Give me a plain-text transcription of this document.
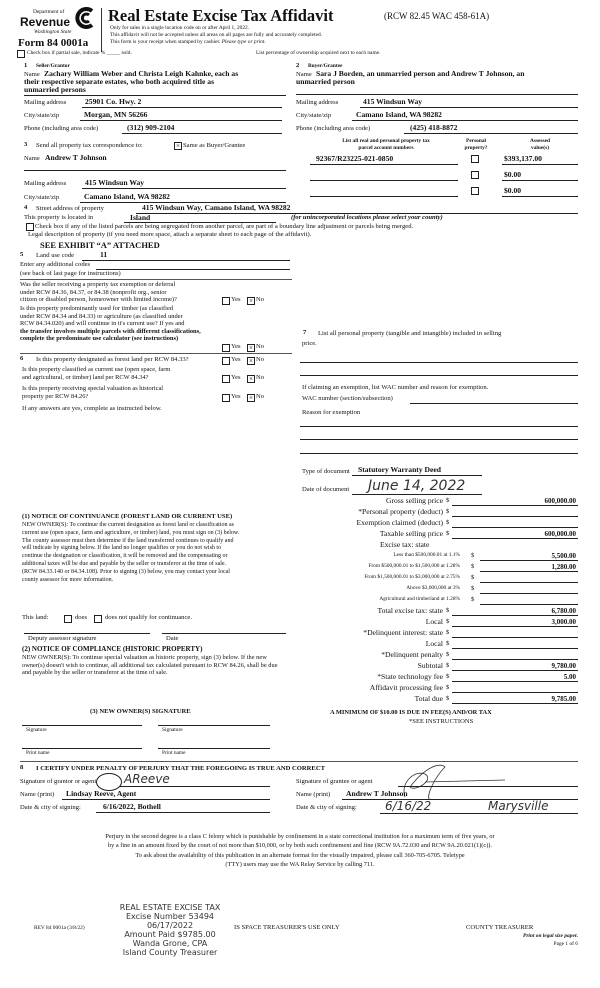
Department of
Revenue
Washington State
Form 84 0001a
Real Estate Excise Tax Affidavit	(RCW 82.45 WAC 458-61A)
Only for sales in a single location code on or after April 1, 2022.
This affidavit will not be accepted unless all areas on all pages are fully and accurately completed.
This form is your receipt when stamped by cashier. Please type or print.
Check box if partial sale, indicate % _____ sold.	List percentage of ownership acquired next to each name.
1 Seller/Grantor
Name Zachary William Weber and Christa Leigh Kahnke, each as
their respective separate estates, who both acquired title as
unmarried persons
Mailing address 25901 Co. Hwy. 2
City/state/zip	Morgan, MN 56266
Phone (including area code)	(312) 909-2104
2 Buyer/Grantee
Name Sara J Borden, an unmarried person and Andrew T Johnson, an
unmarried person
Mailing address	415 Windsun Way
City/state/zip	Camano Island, WA 98282
Phone (including area code)	(425) 418-8872
3 Send all property tax correspondence to:	× Same as Buyer/Grantee
Name Andrew T Johnson
Mailing address 415 Windsun Way
City/state/zip	Camano Island, WA 98282
List all real and personal property tax
parcel account numbers
Personal
property?
Assessed
value(s)
92367/R23225-021-0850	$393,137.00
$0.00
$0.00
4 Street address of property	415 Windsun Way, Camano Island, WA 98282
This property is located in	Island	(for unincorporated locations please select your county)
Check box if any of the listed parcels are being segregated from another parcel, are part of a boundary line adjustment or parcels being merged.
Legal description of property (if you need more space, attach a separate sheet to each page of the affidavit).
SEE EXHIBIT “A” ATTACHED
5 Land use code	11
Enter any additional codes
(see back of last page for instructions)
Was the seller receiving a property tax exemption or deferral
under RCW 84.36, 84.37, or 84.38 (nonprofit org., senior
citizen or disabled person, homeowner with limited income)?	Yes × No
Is this property predominantly used for timber (as classified
under RCW 84.34 and 84.33) or agriculture (as classified under
RCW 84.34.020) and will continue in it's current use? If yes and
the transfer involves multiple parcels with different classifications,
complete the predominate use calculator (see instructions)
Yes × No
6 Is this property designated as forest land per RCW 84.33?	Yes × No
Is this property classified as current use (open space, farm
and agricultural, or timber) land per RCW 84.34?	Yes × No
Is this property receiving special valuation as historical
property per RCW 84.26?	Yes × No
If any answers are yes, complete as instructed below.
(1) NOTICE OF CONTINUANCE (FOREST LAND OR CURRENT USE)
NEW OWNER(S): To continue the current designation as forest land or classification as current use (open space, farm and agriculture, or timber) land, you must sign on (3) below. The county assessor must then determine if the land transferred continues to qualify and will indicate by signing below. If the land no longer qualifies or you do not wish to continue the designation or classification, it will be removed and the compensating or additional taxes will be due and payable by the seller or transferor at the time of sale. (RCW 84.33.140 or 84.34.108). Prior to signing (3) below, you may contact your local county assessor for more information.
This land:	does	does not qualify for continuance.
Deputy assessor signature	Date
(2) NOTICE OF COMPLIANCE (HISTORIC PROPERTY)
NEW OWNER(S): To continue special valuation as historic property, sign (3) below. If the new owner(s) doesn't wish to continue, all additional tax calculated pursuant to RCW 84.26, shall be due and payable by the seller or transferor at the time of sale.
(3) NEW OWNER(S) SIGNATURE
Signature	Signature
Print name	Print name
7 List all personal property (tangible and intangible) included in selling
price.
If claiming an exemption, list WAC number and reason for exemption.
WAC number (section/subsection)
Reason for exemption
Type of document Statutory Warranty Deed
Date of document June 14, 2022
Gross selling price $	600,000.00
*Personal property (deduct) $
Exemption claimed (deduct) $
Taxable selling price $	600,000.00
Excise tax: state
Less than $500,000.01 at 1.1% $	5,500.00
From $500,000.01 to $1,500,000 at 1.28% $	1,280.00
From $1,500,000.01 to $3,000,000 at 2.75% $
Above $3,000,000 at 3% $
Agricultural and timberland at 1.28% $
Total excise tax: state $	6,780.00
Local $	3,000.00
*Delinquent interest: state $
Local $
*Delinquent penalty $
Subtotal $	9,780.00
*State technology fee $	5.00
Affidavit processing fee $
Total due $	9,785.00
A MINIMUM OF $10.00 IS DUE IN FEE(S) AND/OR TAX
*SEE INSTRUCTIONS
8 I CERTIFY UNDER PENALTY OF PERJURY THAT THE FOREGOING IS TRUE AND CORRECT
Signature of grantor or agent AReeve
Name (print) Lindsay Reeve, Agent
Date & city of signing:	6/16/2022, Bothell
Signature of grantee or agent
Name (print) Andrew T Johnson
Date & city of signing: 6/16/22	Marysville
Perjury in the second degree is a class C felony which is punishable by confinement in a state correctional institution for a maximum term of five years, or
by a fine in an amount fixed by the court of not more than $10,000, or by both such confinement and fine (RCW 9A.72.030 and RCW 9A.20.021(1)(c)).
To ask about the availability of this publication in an alternate format for the visually impaired, please call 360-705-6705. Teletype
(TTY) users may use the WA Relay Service by calling 711.
REV 84 0001a (3/8/22)
REAL ESTATE EXCISE TAX
Excise Number 53494
06/17/2022
Amount Paid $9785.00
Wanda Grone, CPA
Island County Treasurer
IS SPACE TREASURER'S USE ONLY	COUNTY TREASURER
Print on legal size paper.
Page 1 of 6
